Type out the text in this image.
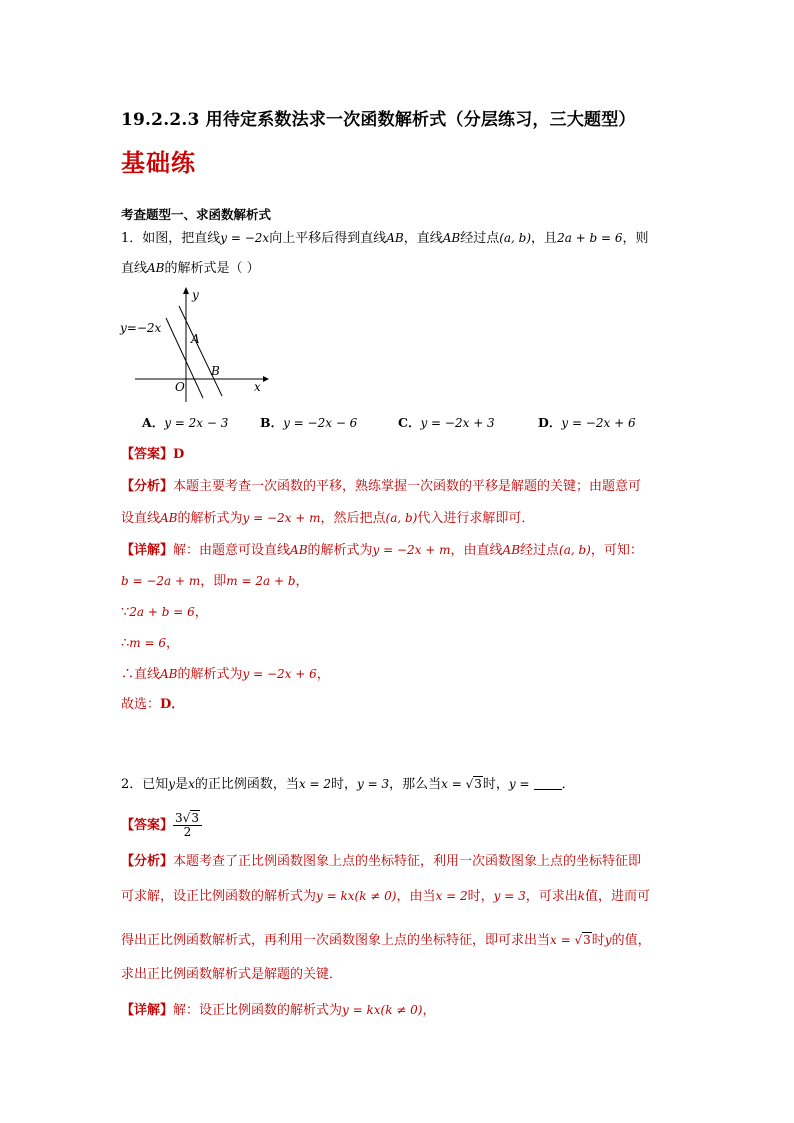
19.2.2.3 用待定系数法求一次函数解析式（分层练习，三大题型）
基础练
考查题型一、求函数解析式
1．如图，把直线y = −2x向上平移后得到直线AB，直线AB经过点(a, b)，且2a + b = 6，则
直线AB的解析式是（ ）
y=−2x
y
x
O
A
B
A．y = 2x − 3	B．y = −2x − 6	C．y = −2x + 3	D．y = −2x + 6
【答案】D
【分析】本题主要考查一次函数的平移，熟练掌握一次函数的平移是解题的关键；由题意可
设直线AB的解析式为y = −2x + m，然后把点(a, b)代入进行求解即可．
【详解】解：由题意可设直线AB的解析式为y = −2x + m，由直线AB经过点(a, b)，可知：
b = −2a + m，即m = 2a + b，
∵2a + b = 6，
∴m = 6，
∴直线AB的解析式为y = −2x + 6，
故选：D．
2．已知y是x的正比例函数，当x = 2时，y = 3，那么当x = √3时，y = ．
【答案】 $\frac{3√3}{2}$
【分析】本题考查了正比例函数图象上点的坐标特征，利用一次函数图象上点的坐标特征即
可求解，设正比例函数的解析式为y = kx(k ≠ 0)，由当x = 2时，y = 3，可求出k值，进而可
得出正比例函数解析式，再利用一次函数图象上点的坐标特征，即可求出当x = √3时y的值，
求出正比例函数解析式是解题的关键．
【详解】解：设正比例函数的解析式为y = kx(k ≠ 0)，
